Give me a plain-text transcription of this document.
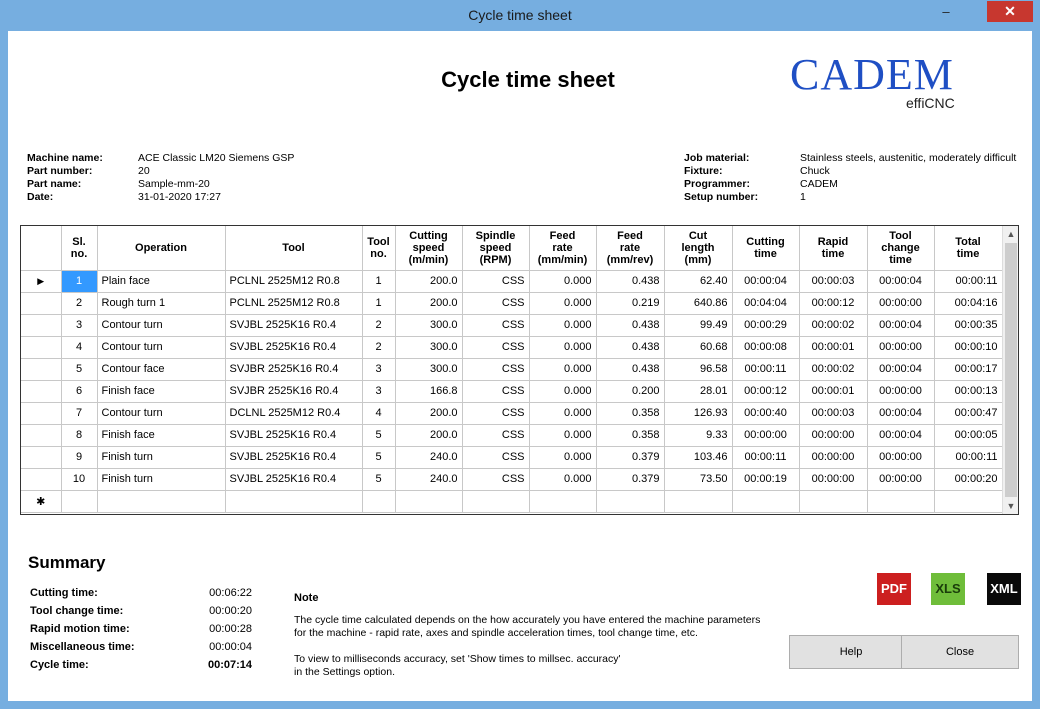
Cycle time sheet	–	✕
Cycle time sheet	CADEM
effiCNC
Machine name:	ACE Classic LM20 Siemens GSP
Part number:	20
Part name:	Sample-mm-20
Date:	31-01-2020 17:27
Job material:	Stainless steels, austenitic, moderately difficult
Fixture:	Chuck
Programmer:	CADEM
Setup number:	1
	Sl.
no.	Operation	Tool	Tool
no.	Cutting
speed
(m/min)	Spindle
speed
(RPM)	Feed
rate
(mm/min)	Feed
rate
(mm/rev)	Cut
length
(mm)	Cutting
time	Rapid
time	Tool
change
time	Total
time
▶	1	Plain face	PCLNL 2525M12 R0.8	1	200.0	CSS	0.000	0.438	62.40	00:00:04	00:00:03	00:00:04	00:00:11
	2	Rough turn 1	PCLNL 2525M12 R0.8	1	200.0	CSS	0.000	0.219	640.86	00:04:04	00:00:12	00:00:00	00:04:16
	3	Contour turn	SVJBL 2525K16 R0.4	2	300.0	CSS	0.000	0.438	99.49	00:00:29	00:00:02	00:00:04	00:00:35
	4	Contour turn	SVJBL 2525K16 R0.4	2	300.0	CSS	0.000	0.438	60.68	00:00:08	00:00:01	00:00:00	00:00:10
	5	Contour face	SVJBR 2525K16 R0.4	3	300.0	CSS	0.000	0.438	96.58	00:00:11	00:00:02	00:00:04	00:00:17
	6	Finish face	SVJBR 2525K16 R0.4	3	166.8	CSS	0.000	0.200	28.01	00:00:12	00:00:01	00:00:00	00:00:13
	7	Contour turn	DCLNL 2525M12 R0.4	4	200.0	CSS	0.000	0.358	126.93	00:00:40	00:00:03	00:00:04	00:00:47
	8	Finish face	SVJBL 2525K16 R0.4	5	200.0	CSS	0.000	0.358	9.33	00:00:00	00:00:00	00:00:04	00:00:05
	9	Finish turn	SVJBL 2525K16 R0.4	5	240.0	CSS	0.000	0.379	103.46	00:00:11	00:00:00	00:00:00	00:00:11
	10	Finish turn	SVJBL 2525K16 R0.4	5	240.0	CSS	0.000	0.379	73.50	00:00:19	00:00:00	00:00:00	00:00:20
✱													
▲
▼
Summary
Cutting time:	00:06:22
Tool change time:	00:00:20
Rapid motion time:	00:00:28
Miscellaneous time:	00:00:04
Cycle time:	00:07:14
Note
The cycle time calculated depends on the how accurately you have entered the machine parameters
for the machine - rapid rate, axes and spindle acceleration times, tool change time, etc.
To view to milliseconds accuracy, set 'Show times to millsec. accuracy'
in the Settings option.
PDF	XLS	XML
Help	Close
